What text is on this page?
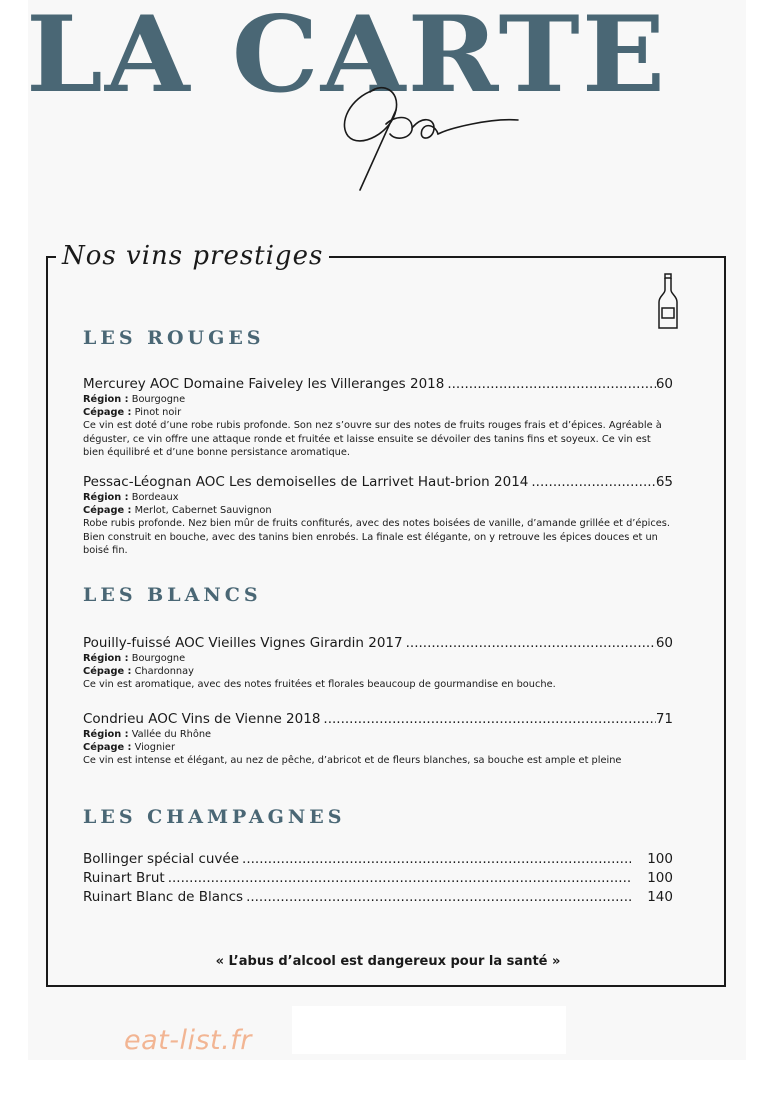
LA CARTE
Nos vins prestiges
LES ROUGES
Mercurey AOC Domaine Faiveley les Villeranges 2018 .....	60
Région : Bourgogne
Cépage : Pinot noir
Ce vin est doté d’une robe rubis profonde. Son nez s’ouvre sur des notes de fruits rouges frais et d’épices. Agréable à déguster, ce vin offre une attaque ronde et fruitée et laisse ensuite se dévoiler des tanins fins et soyeux. Ce vin est bien équilibré et d’une bonne persistance aromatique.
Pessac-Léognan AOC Les demoiselles de Larrivet Haut-brion 2014 .....	65
Région : Bordeaux
Cépage : Merlot, Cabernet Sauvignon
Robe rubis profonde. Nez bien mûr de fruits confiturés, avec des notes boisées de vanille, d’amande grillée et d’épices. Bien construit en bouche, avec des tanins bien enrobés. La finale est élégante, on y retrouve les épices douces et un boisé fin.
LES BLANCS
Pouilly-fuissé AOC Vieilles Vignes Girardin 2017 .....	60
Région : Bourgogne
Cépage : Chardonnay
Ce vin est aromatique, avec des notes fruitées et florales beaucoup de gourmandise en bouche.
Condrieu AOC Vins de Vienne 2018 .....	71
Région : Vallée du Rhône
Cépage : Viognier
Ce vin est intense et élégant, au nez de pêche, d’abricot et de fleurs blanches, sa bouche est ample et pleine
LES CHAMPAGNES
Bollinger spécial cuvée .....	100
Ruinart Brut .....	100
Ruinart Blanc de Blancs .....	140
« L’abus d’alcool est dangereux pour la santé »
eat-list.fr
